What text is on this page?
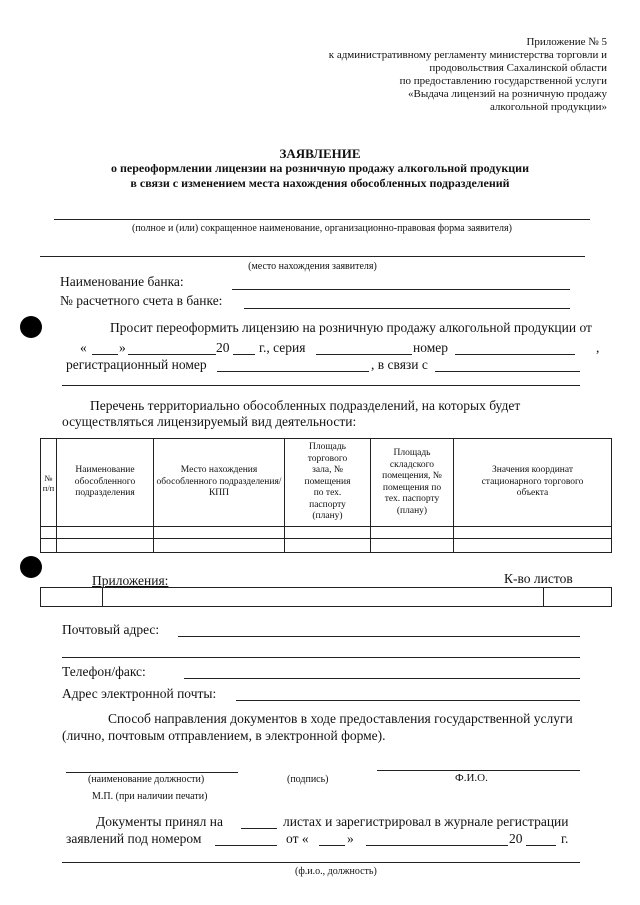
Приложение № 5
к административному регламенту министерства торговли и
продовольствия Сахалинской области
по предоставлению государственной услуги
«Выдача лицензий на розничную продажу
алкогольной продукции»
ЗАЯВЛЕНИЕ
о переоформлении лицензии на розничную продажу алкогольной продукции
в связи с изменением места нахождения обособленных подразделений
(полное и (или) сокращенное наименование, организационно-правовая форма заявителя)
(место нахождения заявителя)
Наименование банка:
№ расчетного счета в банке:
Просит переоформить лицензию на розничную продажу алкогольной продукции от
« »	20 г., серия	номер	,
регистрационный номер	, в связи с
Перечень территориально обособленных подразделений, на которых будет
осуществляться лицензируемый вид деятельности:
№ п/п	Наименование обособленного подразделения	Место нахождения обособленного подразделения/КПП	Площадь торгового зала, № помещения по тех. паспорту (плану)	Площадь складского помещения, № помещения по тех. паспорту (плану)	Значения координат стационарного торгового объекта

Приложения:	К-во листов

Почтовый адрес:
Телефон/факс:
Адрес электронной почты:
Способ направления документов в ходе предоставления государственной услуги
(лично, почтовым отправлением, в электронной форме).
(наименование должности)	(подпись)	Ф.И.О.
М.П. (при наличии печати)
Документы принял на	листах и зарегистрировал в журнале регистрации
заявлений под номером	от «	»	20	г.
(ф.и.о., должность)
